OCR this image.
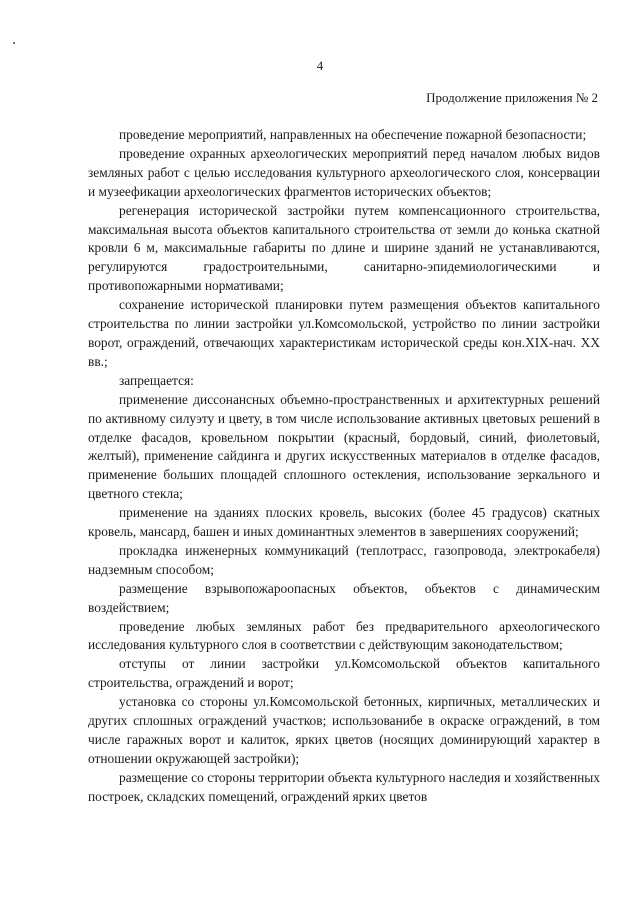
4
Продолжение приложения № 2

проведение мероприятий, направленных на обеспечение пожарной безопасности;

проведение охранных археологических мероприятий перед началом любых видов земляных работ с целью исследования культурного археологического слоя, консервации и музеефикации археологических фрагментов исторических объектов;

регенерация исторической застройки путем компенсационного строительства, максимальная высота объектов капитального строительства от земли до конька скатной кровли 6 м, максимальные габариты по длине и ширине зданий не устанавливаются, регулируются градостроительными, санитарно-эпидемиологическими и противопожарными нормативами;

сохранение исторической планировки путем размещения объектов капитального строительства по линии застройки ул.Комсомольской, устройство по линии застройки ворот, ограждений, отвечающих характеристикам исторической среды кон.XIX-нач. XX вв.;

запрещается:

применение диссонансных объемно-пространственных и архитектурных решений по активному силуэту и цвету, в том числе использование активных цветовых решений в отделке фасадов, кровельном покрытии (красный, бордовый, синий, фиолетовый, желтый), применение сайдинга и других искусственных материалов в отделке фасадов, применение больших площадей сплошного остекления, использование зеркального и цветного стекла;

применение на зданиях плоских кровель, высоких (более 45 градусов) скатных кровель, мансард, башен и иных доминантных элементов в завершениях сооружений;

прокладка инженерных коммуникаций (теплотрасс, газопровода, электрокабеля) надземным способом;

размещение взрывопожароопасных объектов, объектов с динамическим воздействием;

проведение любых земляных работ без предварительного археологического исследования культурного слоя в соответствии с действующим законодательством;

отступы от линии застройки ул.Комсомольской объектов капитального строительства, ограждений и ворот;

установка со стороны ул.Комсомольской бетонных, кирпичных, металлических и других сплошных ограждений участков; использованибе в окраске ограждений, в том числе гаражных ворот и калиток, ярких цветов (носящих доминирующий характер в отношении окружающей застройки);

размещение со стороны территории объекта культурного наследия и хозяйственных построек, складских помещений, ограждений ярких цветов
